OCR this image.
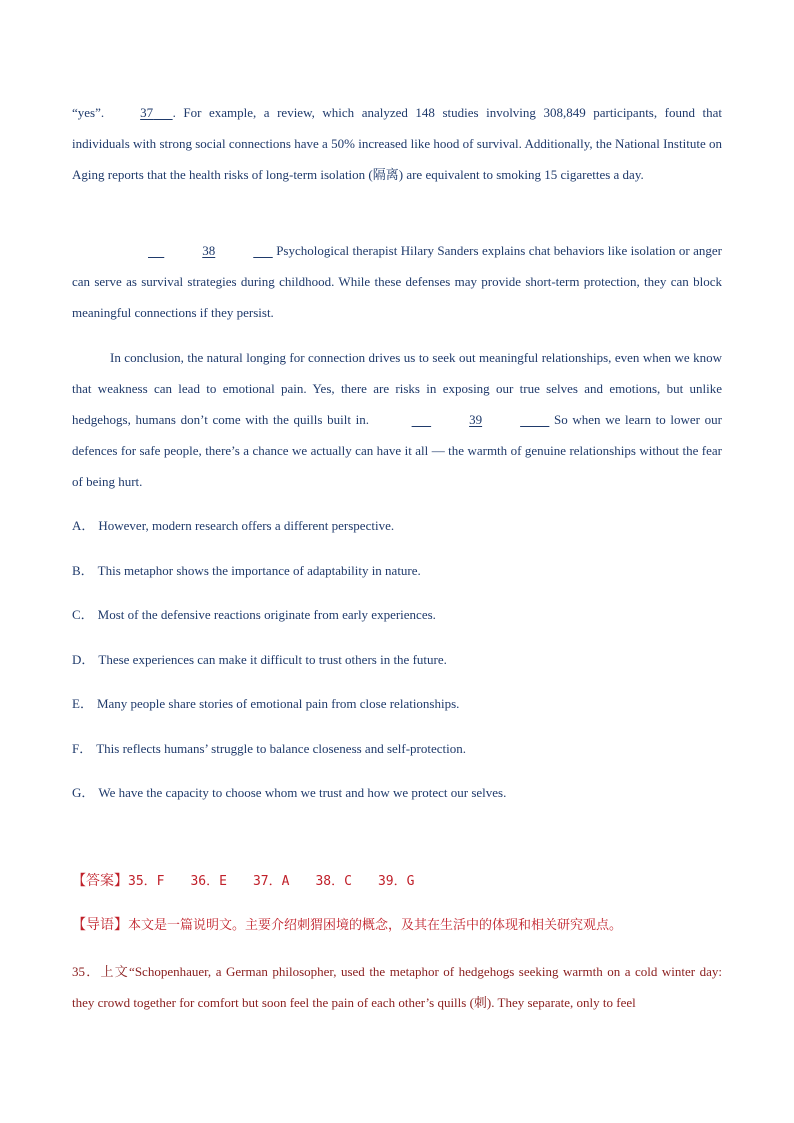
“yes”.	37 . For example, a review, which analyzed 148 studies involving 308,849 participants, found that individuals with strong social connections have a 50% increased like hood of survival. Additionally, the National Institute on Aging reports that the health risks of long-term isolation (隔离) are equivalent to smoking 15 cigarettes a day.

38	Psychological therapist Hilary Sanders explains chat behaviors like isolation or anger can serve as survival strategies during childhood. While these defenses may provide short-term protection, they can block meaningful connections if they persist.

In conclusion, the natural longing for connection drives us to seek out meaningful relationships, even when we know that weakness can lead to emotional pain. Yes, there are risks in exposing our true selves and emotions, but unlike hedgehogs, humans don’t come with the quills built in.	39	So when we learn to lower our defences for safe people, there’s a chance we actually can have it all — the warmth of genuine relationships without the fear of being hurt.

A． However, modern research offers a different perspective.

B． This metaphor shows the importance of adaptability in nature.

C． Most of the defensive reactions originate from early experiences.

D． These experiences can make it difficult to trust others in the future.

E． Many people share stories of emotional pain from close relationships.

F． This reflects humans’ struggle to balance closeness and self-protection.

G． We have the capacity to choose whom we trust and how we protect our selves.

【答案】35．F 36．E 37．A 38．C 39．G

【导语】本文是一篇说明文。主要介绍刺猬困境的概念，及其在生活中的体现和相关研究观点。

35．上文“Schopenhauer, a German philosopher, used the metaphor of hedgehogs seeking warmth on a cold winter day: they crowd together for comfort but soon feel the pain of each other’s quills (刺). They separate, only to feel
